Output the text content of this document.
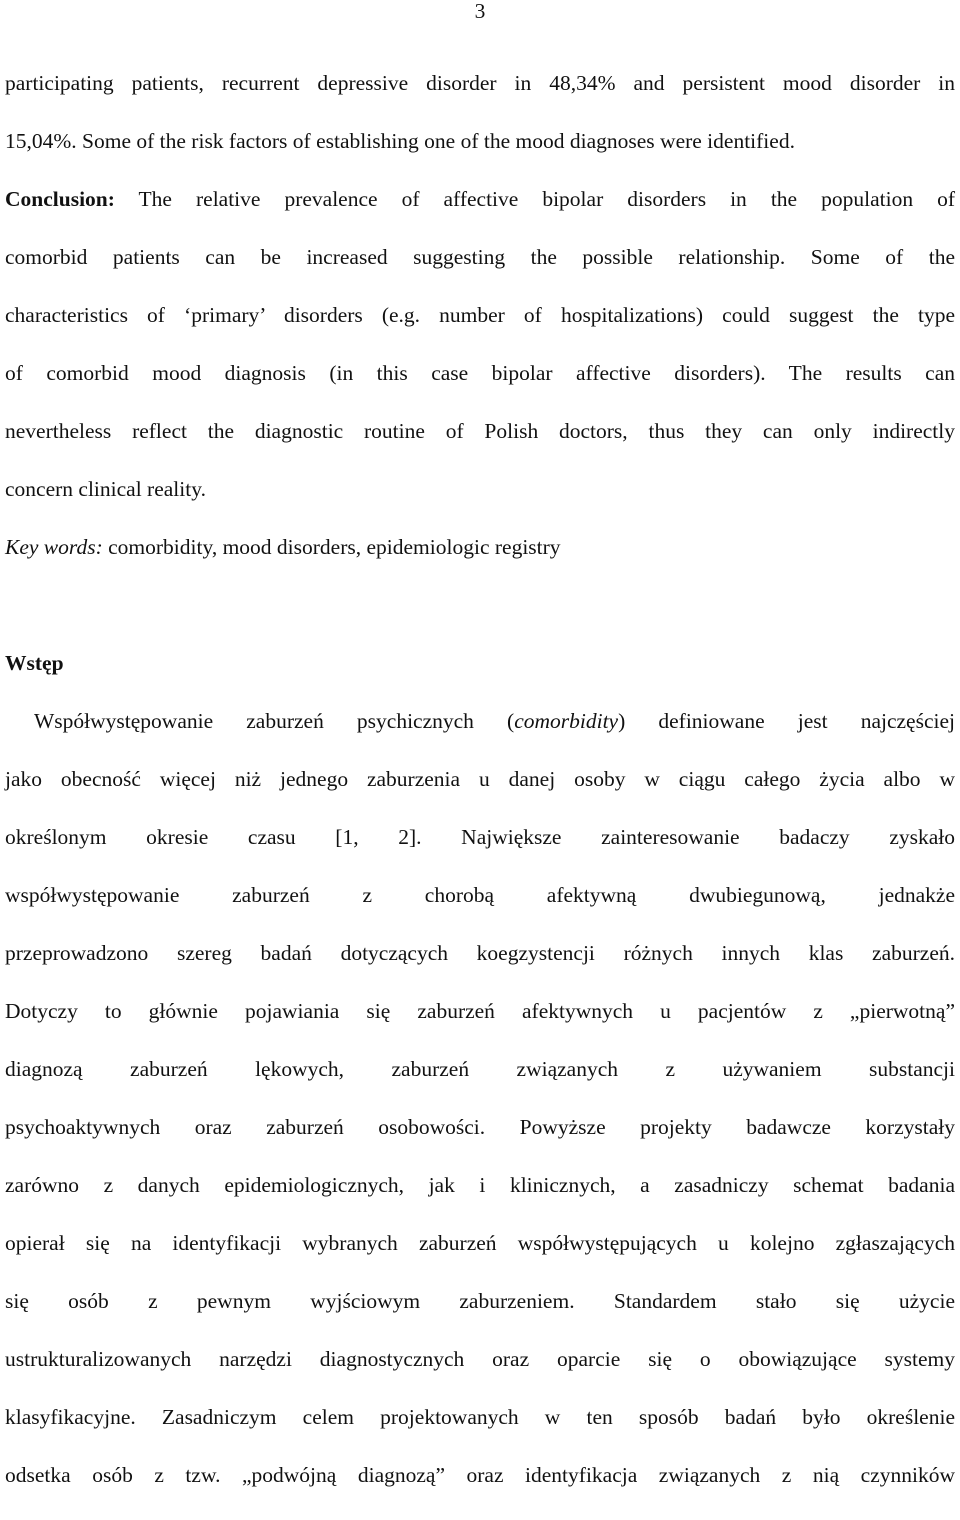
3
participating patients, recurrent depressive disorder in 48,34% and persistent mood disorder in
15,04%. Some of the risk factors of establishing one of the mood diagnoses were identified.
Conclusion: The relative prevalence of affective bipolar disorders in the population of
comorbid patients can be increased suggesting the possible relationship. Some of the
characteristics of ‘primary’ disorders (e.g. number of hospitalizations) could suggest the type
of comorbid mood diagnosis (in this case bipolar affective disorders). The results can
nevertheless reflect the diagnostic routine of Polish doctors, thus they can only indirectly
concern clinical reality.
Key words: comorbidity, mood disorders, epidemiologic registry
Wstęp
Współwystępowanie zaburzeń psychicznych (comorbidity) definiowane jest najczęściej
jako obecność więcej niż jednego zaburzenia u danej osoby w ciągu całego życia albo w
określonym okresie czasu [1, 2]. Największe zainteresowanie badaczy zyskało
współwystępowanie zaburzeń z chorobą afektywną dwubiegunową, jednakże
przeprowadzono szereg badań dotyczących koegzystencji różnych innych klas zaburzeń.
Dotyczy to głównie pojawiania się zaburzeń afektywnych u pacjentów z „pierwotną”
diagnozą zaburzeń lękowych, zaburzeń związanych z używaniem substancji
psychoaktywnych oraz zaburzeń osobowości. Powyższe projekty badawcze korzystały
zarówno z danych epidemiologicznych, jak i klinicznych, a zasadniczy schemat badania
opierał się na identyfikacji wybranych zaburzeń współwystępujących u kolejno zgłaszających
się osób z pewnym wyjściowym zaburzeniem. Standardem stało się użycie
ustrukturalizowanych narzędzi diagnostycznych oraz oparcie się o obowiązujące systemy
klasyfikacyjne. Zasadniczym celem projektowanych w ten sposób badań było określenie
odsetka osób z tzw. „podwójną diagnozą” oraz identyfikacja związanych z nią czynników
